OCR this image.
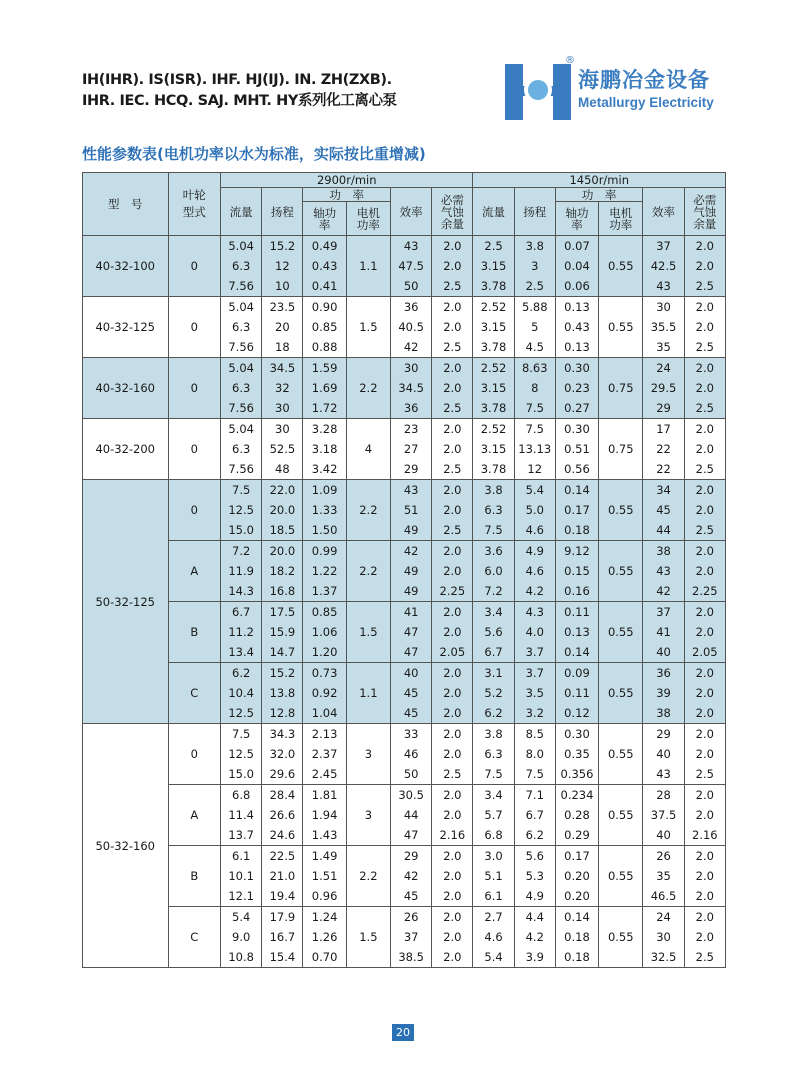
IH(IHR). IS(ISR). IHF. HJ(IJ). IN. ZH(ZXB).
IHR. IEC. HCQ. SAJ. MHT. HY系列化工离心泵
®
海鹏冶金设备
Metallurgy Electricity
性能参数表(电机功率以水为标准，实际按比重增减)
型　号	叶轮型式	2900r/min						1450r/min					
		流量	扬程	功　率		效率	必需气蚀余量	流量	扬程	功　率		效率	必需气蚀余量
				轴功率	电机功率					轴功率	电机功率		
40-32-100	0	5.04	15.2	0.49	1.1	43	2.0	2.5	3.8	0.07	0.55	37	2.0
		6.3	12	0.43		47.5	2.0	3.15	3	0.04		42.5	2.0
		7.56	10	0.41		50	2.5	3.78	2.5	0.06		43	2.5
40-32-125	0	5.04	23.5	0.90	1.5	36	2.0	2.52	5.88	0.13	0.55	30	2.0
		6.3	20	0.85		40.5	2.0	3.15	5	0.43		35.5	2.0
		7.56	18	0.88		42	2.5	3.78	4.5	0.13		35	2.5
40-32-160	0	5.04	34.5	1.59	2.2	30	2.0	2.52	8.63	0.30	0.75	24	2.0
		6.3	32	1.69		34.5	2.0	3.15	8	0.23		29.5	2.0
		7.56	30	1.72		36	2.5	3.78	7.5	0.27		29	2.5
40-32-200	0	5.04	30	3.28	4	23	2.0	2.52	7.5	0.30	0.75	17	2.0
		6.3	52.5	3.18		27	2.0	3.15	13.13	0.51		22	2.0
		7.56	48	3.42		29	2.5	3.78	12	0.56		22	2.5
50-32-125	0	7.5	22.0	1.09	2.2	43	2.0	3.8	5.4	0.14	0.55	34	2.0
		12.5	20.0	1.33		51	2.0	6.3	5.0	0.17		45	2.0
		15.0	18.5	1.50		49	2.5	7.5	4.6	0.18		44	2.5
	A	7.2	20.0	0.99	2.2	42	2.0	3.6	4.9	9.12	0.55	38	2.0
		11.9	18.2	1.22		49	2.0	6.0	4.6	0.15		43	2.0
		14.3	16.8	1.37		49	2.25	7.2	4.2	0.16		42	2.25
	B	6.7	17.5	0.85	1.5	41	2.0	3.4	4.3	0.11	0.55	37	2.0
		11.2	15.9	1.06		47	2.0	5.6	4.0	0.13		41	2.0
		13.4	14.7	1.20		47	2.05	6.7	3.7	0.14		40	2.05
	C	6.2	15.2	0.73	1.1	40	2.0	3.1	3.7	0.09	0.55	36	2.0
		10.4	13.8	0.92		45	2.0	5.2	3.5	0.11		39	2.0
		12.5	12.8	1.04		45	2.0	6.2	3.2	0.12		38	2.0
50-32-160	0	7.5	34.3	2.13	3	33	2.0	3.8	8.5	0.30	0.55	29	2.0
		12.5	32.0	2.37		46	2.0	6.3	8.0	0.35		40	2.0
		15.0	29.6	2.45		50	2.5	7.5	7.5	0.356		43	2.5
	A	6.8	28.4	1.81	3	30.5	2.0	3.4	7.1	0.234	0.55	28	2.0
		11.4	26.6	1.94		44	2.0	5.7	6.7	0.28		37.5	2.0
		13.7	24.6	1.43		47	2.16	6.8	6.2	0.29		40	2.16
	B	6.1	22.5	1.49	2.2	29	2.0	3.0	5.6	0.17	0.55	26	2.0
		10.1	21.0	1.51		42	2.0	5.1	5.3	0.20		35	2.0
		12.1	19.4	0.96		45	2.0	6.1	4.9	0.20		46.5	2.0
	C	5.4	17.9	1.24	1.5	26	2.0	2.7	4.4	0.14	0.55	24	2.0
		9.0	16.7	1.26		37	2.0	4.6	4.2	0.18		30	2.0
		10.8	15.4	0.70		38.5	2.0	5.4	3.9	0.18		32.5	2.5
20
